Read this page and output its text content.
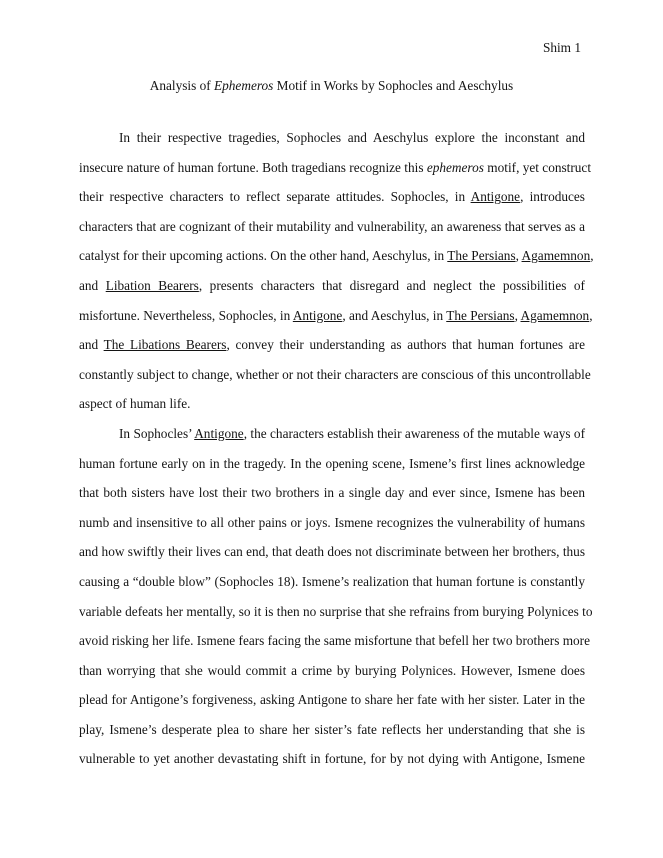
Shim 1
Analysis of Ephemeros Motif in Works by Sophocles and Aeschylus
In their respective tragedies, Sophocles and Aeschylus explore the inconstant and
insecure nature of human fortune. Both tragedians recognize this ephemeros motif, yet construct
their respective characters to reflect separate attitudes. Sophocles, in Antigone, introduces
characters that are cognizant of their mutability and vulnerability, an awareness that serves as a
catalyst for their upcoming actions. On the other hand, Aeschylus, in The Persians, Agamemnon,
and Libation Bearers, presents characters that disregard and neglect the possibilities of
misfortune. Nevertheless, Sophocles, in Antigone, and Aeschylus, in The Persians, Agamemnon,
and The Libations Bearers, convey their understanding as authors that human fortunes are
constantly subject to change, whether or not their characters are conscious of this uncontrollable
aspect of human life.
In Sophocles’ Antigone, the characters establish their awareness of the mutable ways of
human fortune early on in the tragedy. In the opening scene, Ismene’s first lines acknowledge
that both sisters have lost their two brothers in a single day and ever since, Ismene has been
numb and insensitive to all other pains or joys. Ismene recognizes the vulnerability of humans
and how swiftly their lives can end, that death does not discriminate between her brothers, thus
causing a “double blow” (Sophocles 18). Ismene’s realization that human fortune is constantly
variable defeats her mentally, so it is then no surprise that she refrains from burying Polynices to
avoid risking her life. Ismene fears facing the same misfortune that befell her two brothers more
than worrying that she would commit a crime by burying Polynices. However, Ismene does
plead for Antigone’s forgiveness, asking Antigone to share her fate with her sister. Later in the
play, Ismene’s desperate plea to share her sister’s fate reflects her understanding that she is
vulnerable to yet another devastating shift in fortune, for by not dying with Antigone, Ismene
